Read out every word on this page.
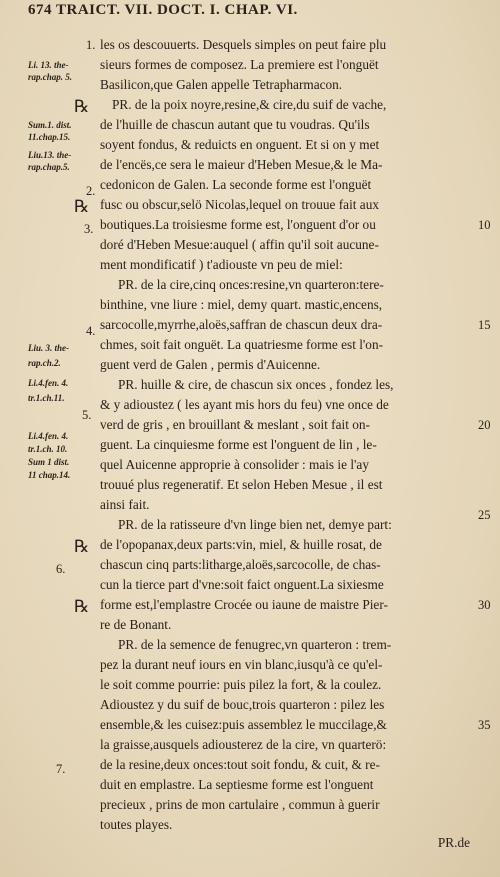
674 TRAICT. VII. DOCT. I. CHAP. VI.
les os descouuerts. Desquels simples on peut faire plu
sieurs formes de composez. La premiere est l'onguët
Basilicon,que Galen appelle Tetrapharmacon.
PR. de la poix noyre,resine,& cire,du suif de vache,
de l'huille de chascun autant que tu voudras. Qu'ils
soyent fondus, & reduicts en onguent. Et si on y met
de l'encës,ce sera le maieur d'Heben Mesue,& le Ma-
cedonicon de Galen. La seconde forme est l'onguët
fusc ou obscur,selö Nicolas,lequel on trouue fait aux
boutiques.La troisiesme forme est, l'onguent d'or ou
doré d'Heben Mesue:auquel ( affin qu'il soit aucune-
ment mondificatif ) t'adiouste vn peu de miel:
PR. de la cire,cinq onces:resine,vn quarteron:tere-
binthine, vne liure : miel, demy quart. mastic,encens,
sarcocolle,myrrhe,aloës,saffran de chascun deux dra-
chmes, soit fait onguët. La quatriesme forme est l'on-
guent verd de Galen , permis d'Auicenne.
PR. huille & cire, de chascun six onces , fondez les,
& y adioustez ( les ayant mis hors du feu) vne once de
verd de gris , en brouillant & meslant , soit fait on-
guent. La cinquiesme forme est l'onguent de lin , le-
quel Auicenne approprie à consolider : mais ie l'ay
trouué plus regeneratif. Et selon Heben Mesue , il est
ainsi fait.
PR. de la ratisseure d'vn linge bien net, demye part:
de l'opopanax,deux parts:vin, miel, & huille rosat, de
chascun cinq parts:litharge,aloës,sarcocolle, de chas-
cun la tierce part d'vne:soit faict onguent.La sixiesme
forme est,l'emplastre Crocée ou iaune de maistre Pier-
re de Bonant.
PR. de la semence de fenugrec,vn quarteron : trem-
pez la durant neuf iours en vin blanc,iusqu'à ce qu'el-
le soit comme pourrie: puis pilez la fort, & la coulez.
Adioustez y du suif de bouc,trois quarteron : pilez les
ensemble,& les cuisez:puis assemblez le muccilage,&
la graisse,ausquels adiousterez de la cire, vn quarterö:
de la resine,deux onces:tout soit fondu, & cuit, & re-
duit en emplastre. La septiesme forme est l'onguent
precieux , prins de mon cartulaire , commun à guerir
toutes playes.
Li. 13. the-
rap.chap. 5.
Sum.1. dist.
11.chap.15.
Liu.13. the-
rap.chap.5.
Liu. 3. the-
rap.ch.2.
Li.4.fen. 4.
tr.1.ch.11.
Li.4.fen. 4.
tr.1.ch. 10.
Sum 1 dist.
11 chap.14.
1.
2.
3.
4.
5.
6.
7.
℞
℞
℞
℞
10
15
20
25
30
35
PR.de
